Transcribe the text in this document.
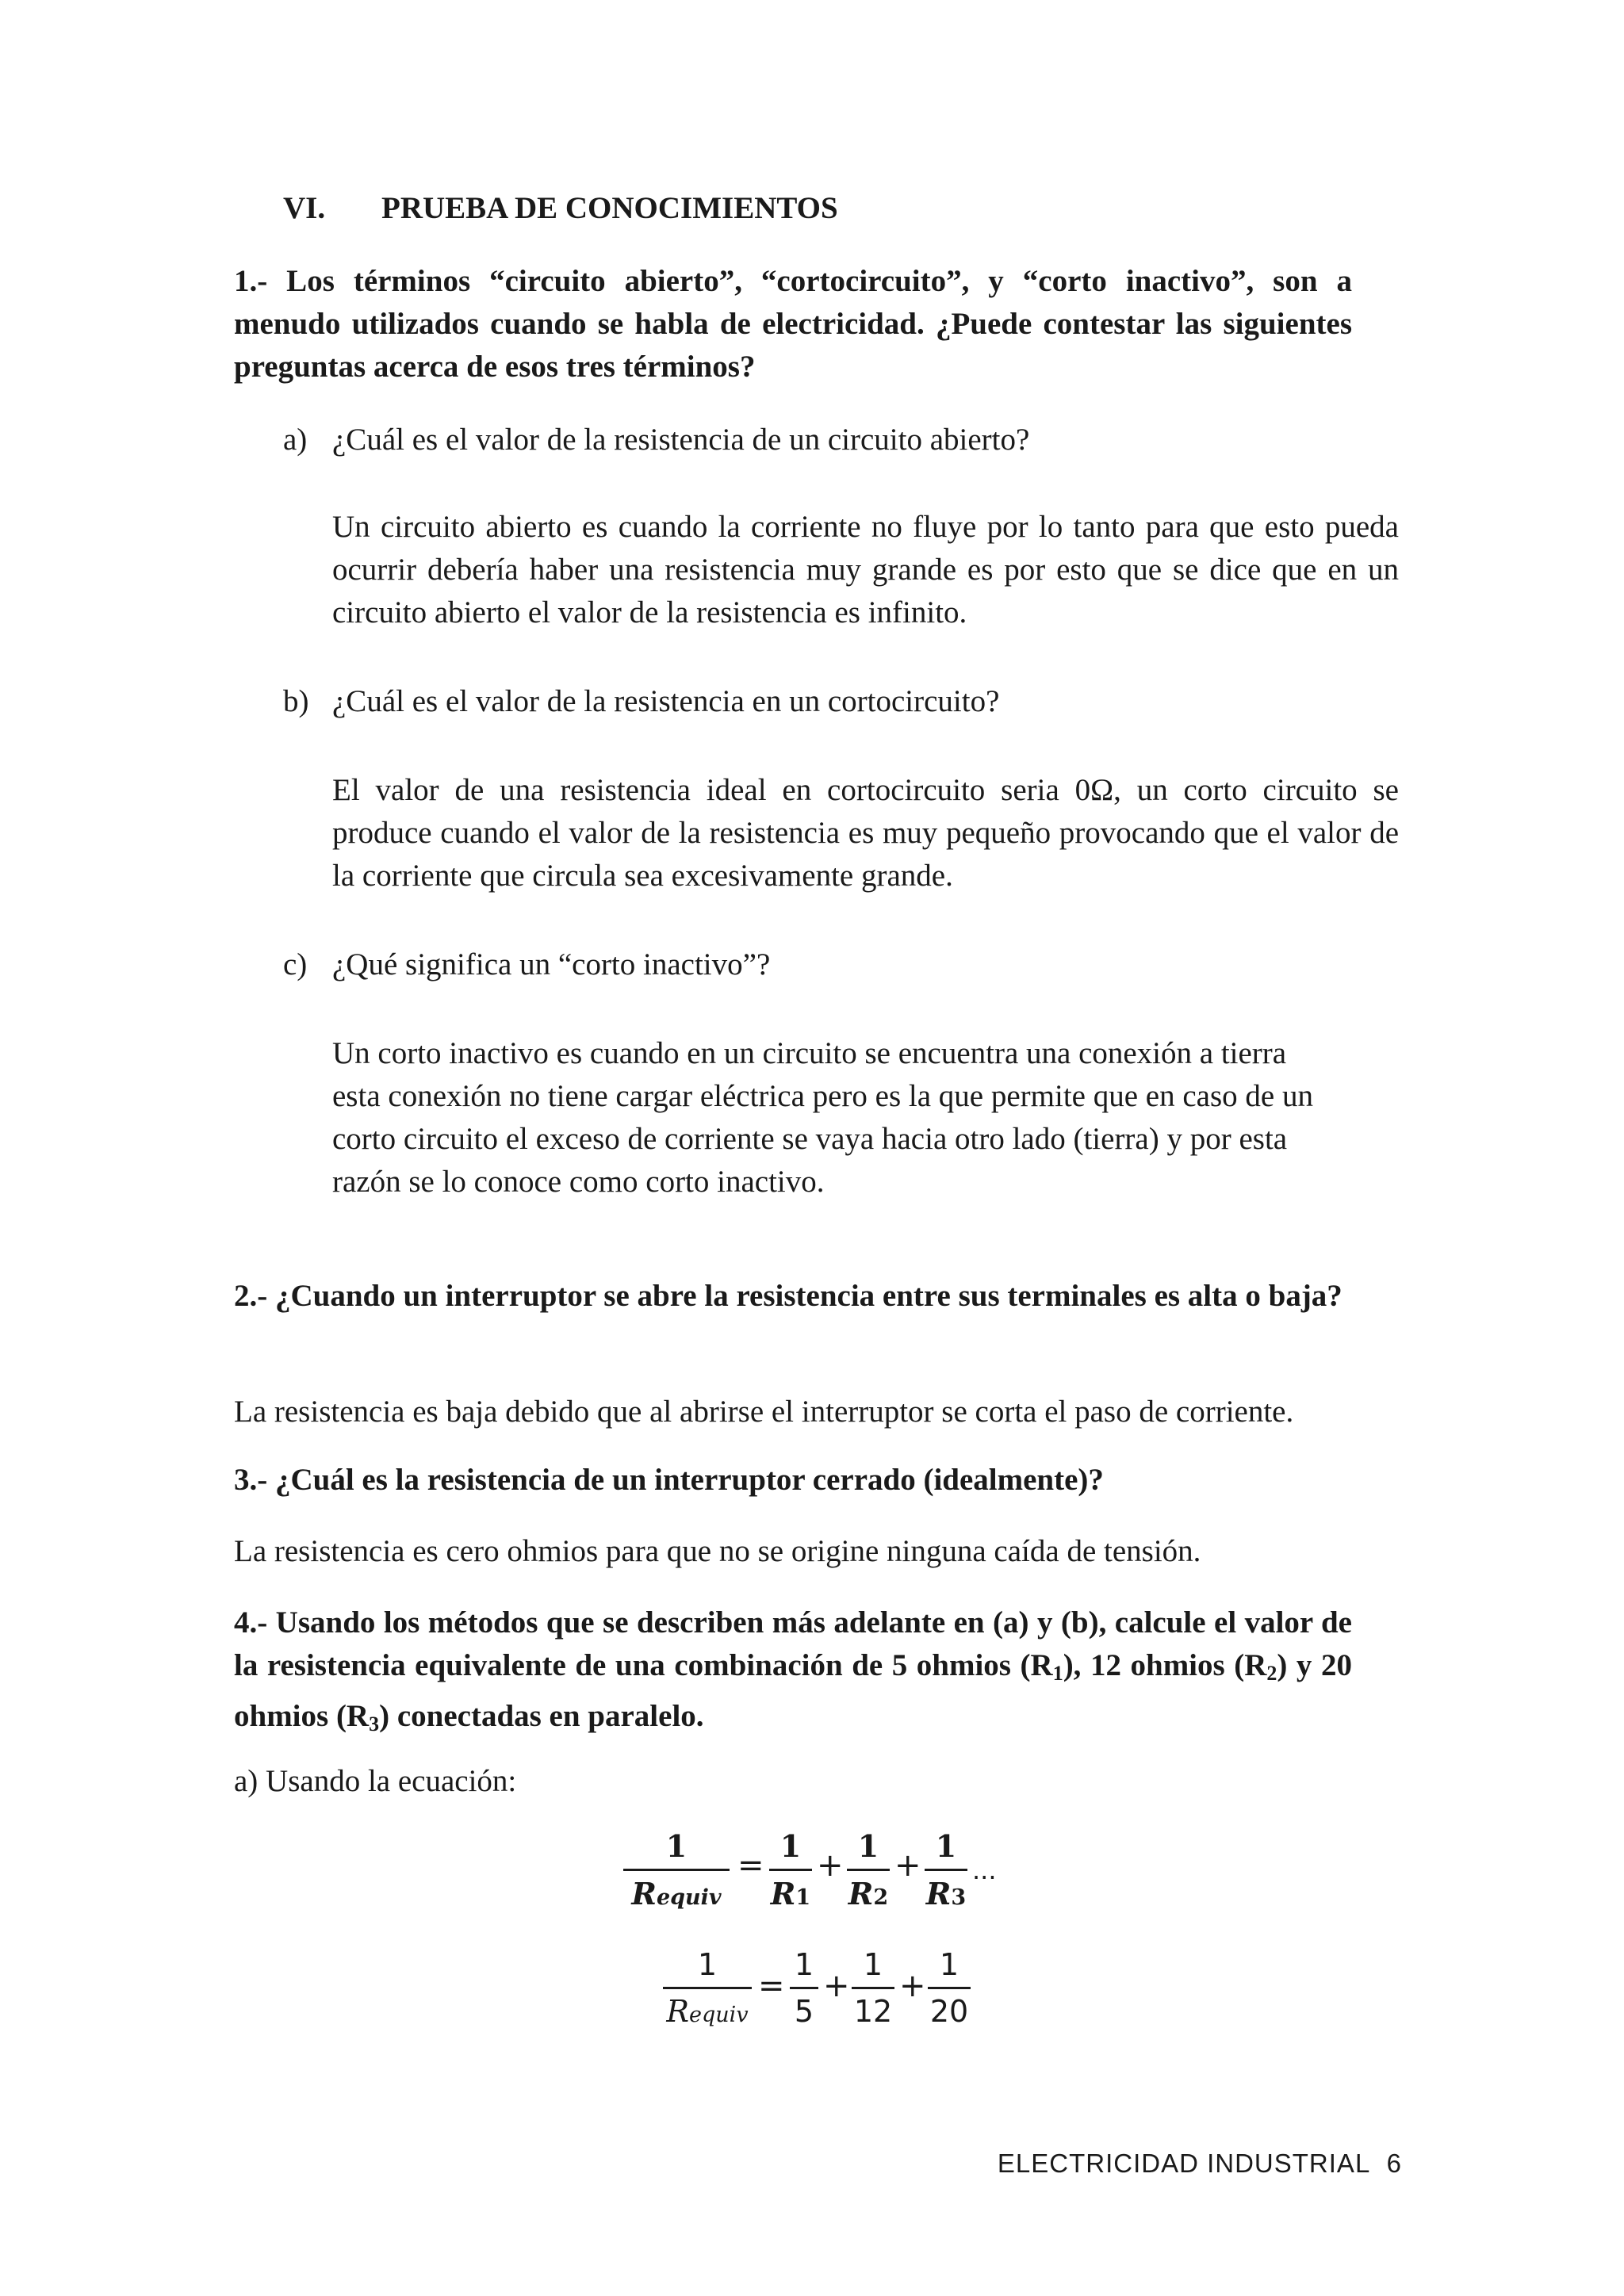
VI. PRUEBA DE CONOCIMIENTOS
1.- Los términos “circuito abierto”, “cortocircuito”, y “corto inactivo”, son a menudo utilizados cuando se habla de electricidad. ¿Puede contestar las siguientes preguntas acerca de esos tres términos?
a) ¿Cuál es el valor de la resistencia de un circuito abierto?
Un circuito abierto es cuando la corriente no fluye por lo tanto para que esto pueda ocurrir debería haber una resistencia muy grande es por esto que se dice que en un circuito abierto el valor de la resistencia es infinito.
b) ¿Cuál es el valor de la resistencia en un cortocircuito?
El valor de una resistencia ideal en cortocircuito seria 0Ω, un corto circuito se produce cuando el valor de la resistencia es muy pequeño provocando que el valor de la corriente que circula sea excesivamente grande.
c) ¿Qué significa un “corto inactivo”?
Un corto inactivo es cuando en un circuito se encuentra una conexión a tierra
esta conexión no tiene cargar eléctrica pero es la que permite que en caso de un
corto circuito el exceso de corriente se vaya hacia otro lado (tierra) y por esta
razón se lo conoce como corto inactivo.
2.- ¿Cuando un interruptor se abre la resistencia entre sus terminales es alta o baja?
La resistencia es baja debido que al abrirse el interruptor se corta el paso de corriente.
3.- ¿Cuál es la resistencia de un interruptor cerrado (idealmente)?
La resistencia es cero ohmios para que no se origine ninguna caída de tensión.
4.- Usando los métodos que se describen más adelante en (a) y (b), calcule el valor de la resistencia equivalente de una combinación de 5 ohmios $(R_1)$, 12 ohmios $(R_2)$ y 20 ohmios $(R_3)$ conectadas en paralelo.
a) Usando la ecuación:
1
Requiv
= $\frac{1}{R1} + \frac{1}{R2} + \frac{1}{R3}$ ...
1
Requiv
= $\frac{1}{5} + \frac{1}{12} + \frac{1}{20}$
ELECTRICIDAD INDUSTRIAL 6
